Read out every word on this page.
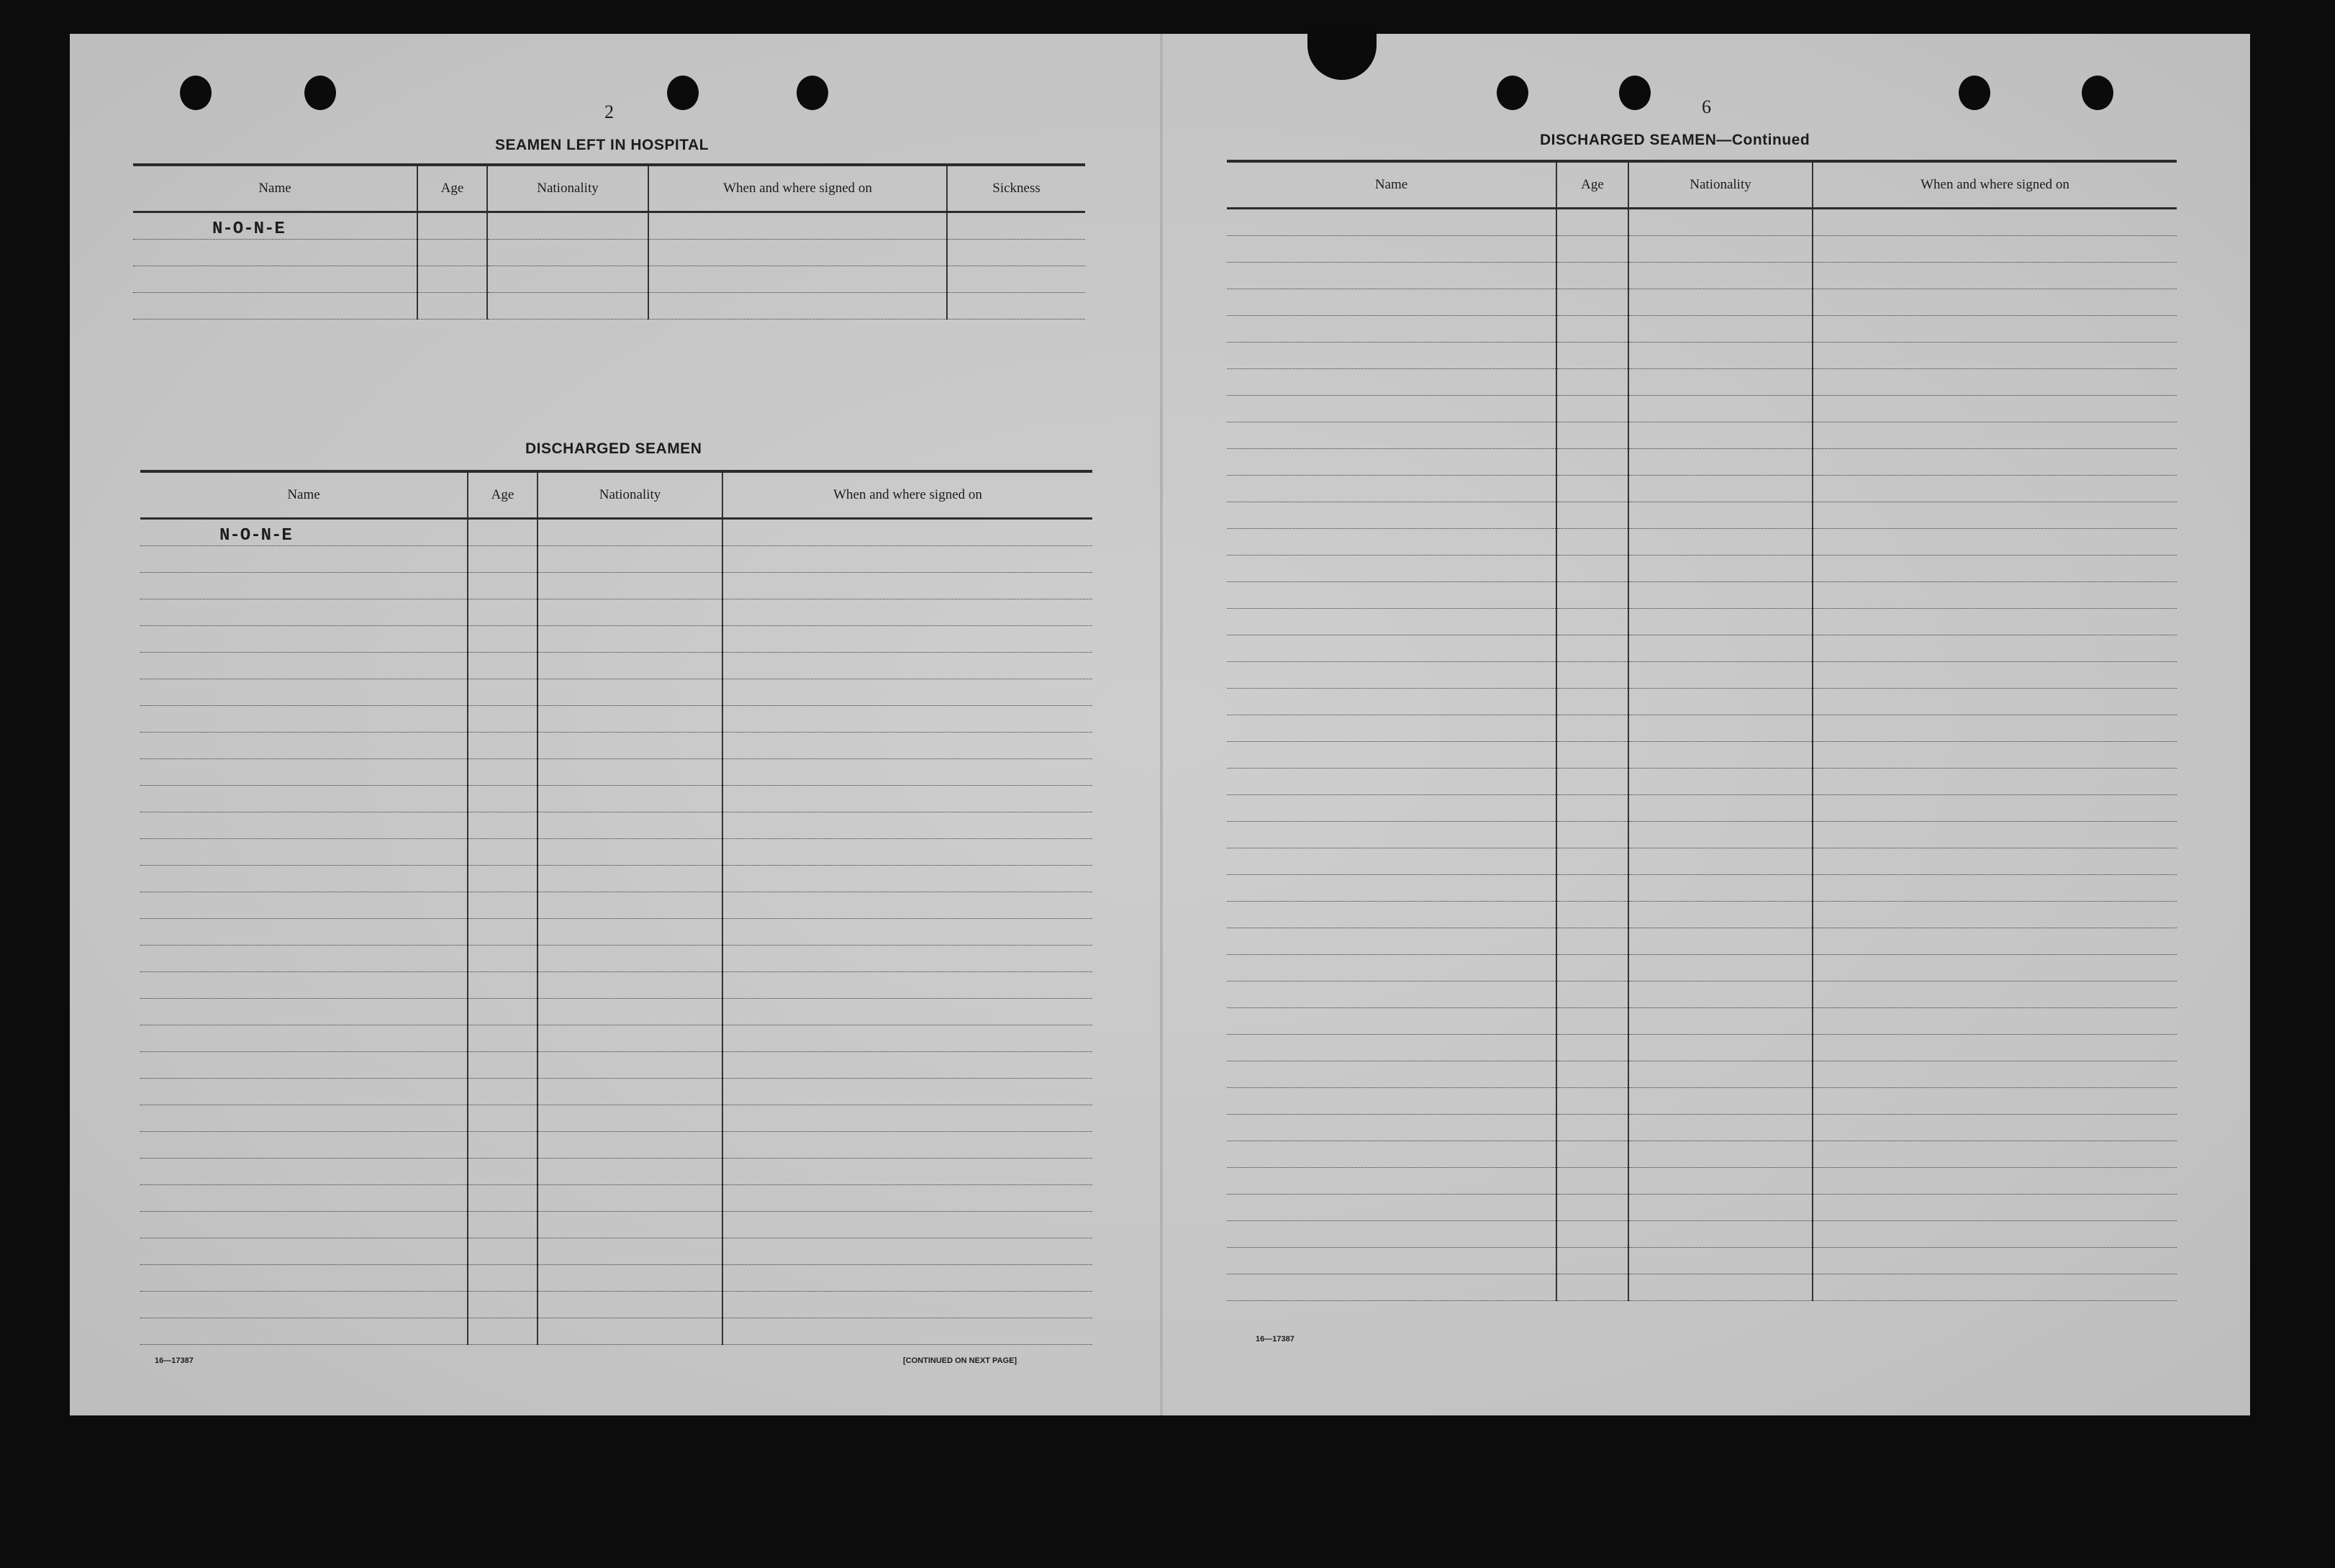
2
SEAMEN LEFT IN HOSPITAL
Name	Age	Nationality	When and where signed on	Sickness
N-O-N-E				

DISCHARGED SEAMEN
Name	Age	Nationality	When and where signed on
N-O-N-E			

16—17387	[CONTINUED ON NEXT PAGE]
6
DISCHARGED SEAMEN—Continued
Name	Age	Nationality	When and where signed on

16—17387
